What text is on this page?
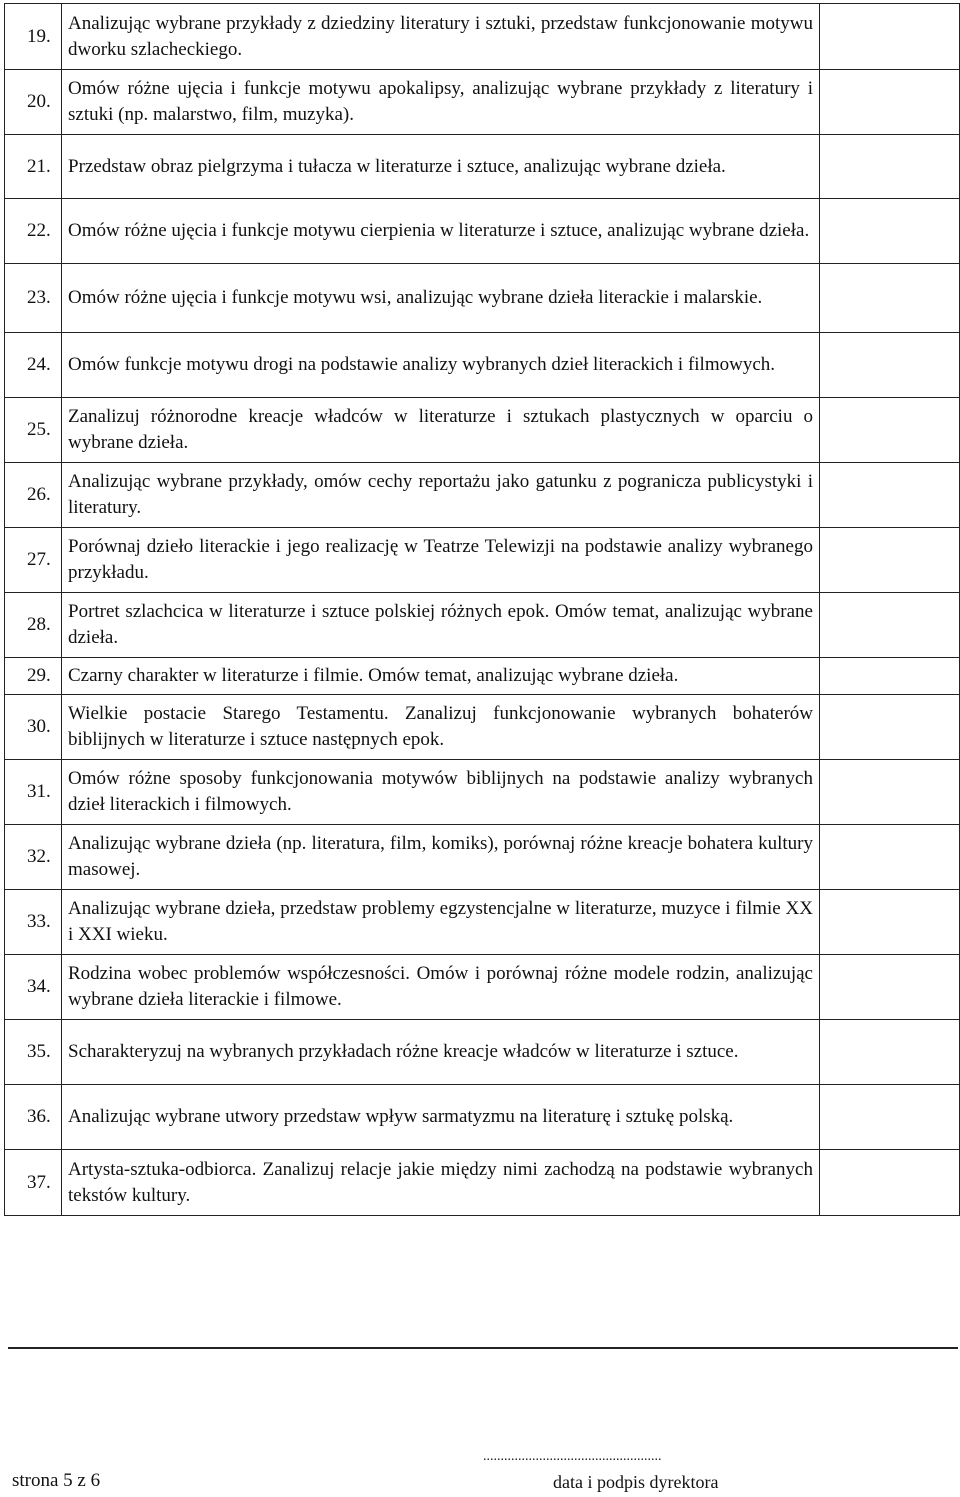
19.	Analizując wybrane przykłady z dziedziny literatury i sztuki, przedstaw funkcjonowanie motywu dworku szlacheckiego.	
20.	Omów różne ujęcia i funkcje motywu apokalipsy, analizując wybrane przykłady z literatury i sztuki (np. malarstwo, film, muzyka).	
21.	Przedstaw obraz pielgrzyma i tułacza w literaturze i sztuce, analizując wybrane dzieła.	
22.	Omów różne ujęcia i funkcje motywu cierpienia w literaturze i sztuce, analizując wybrane dzieła.	
23.	Omów różne ujęcia i funkcje motywu wsi, analizując wybrane dzieła literackie i malarskie.	
24.	Omów funkcje motywu drogi na podstawie analizy wybranych dzieł literackich i filmowych.	
25.	Zanalizuj różnorodne kreacje władców w literaturze i sztukach plastycznych w oparciu o wybrane dzieła.	
26.	Analizując wybrane przykłady, omów cechy reportażu jako gatunku z pogranicza publicystyki i literatury.	
27.	Porównaj dzieło literackie i jego realizację w Teatrze Telewizji na podstawie analizy wybranego przykładu.	
28.	Portret szlachcica w literaturze i sztuce polskiej różnych epok. Omów temat, analizując wybrane dzieła.	
29.	Czarny charakter w literaturze i filmie. Omów temat, analizując wybrane dzieła.	
30.	Wielkie postacie Starego Testamentu. Zanalizuj funkcjonowanie wybranych bohaterów biblijnych w literaturze i sztuce następnych epok.	
31.	Omów różne sposoby funkcjonowania motywów biblijnych na podstawie analizy wybranych dzieł literackich i filmowych.	
32.	Analizując wybrane dzieła (np. literatura, film, komiks), porównaj różne kreacje bohatera kultury masowej.	
33.	Analizując wybrane dzieła, przedstaw problemy egzystencjalne w literaturze, muzyce i filmie XX i XXI wieku.	
34.	Rodzina wobec problemów współczesności. Omów i porównaj różne modele rodzin, analizując wybrane dzieła literackie i filmowe.	
35.	Scharakteryzuj na wybranych przykładach różne kreacje władców w literaturze i sztuce.	
36.	Analizując wybrane utwory przedstaw wpływ sarmatyzmu na literaturę i sztukę polską.	
37.	Artysta-sztuka-odbiorca. Zanalizuj relacje jakie między nimi zachodzą na podstawie wybranych tekstów kultury.	
strona 5 z 6
...................................................
data i podpis dyrektora
